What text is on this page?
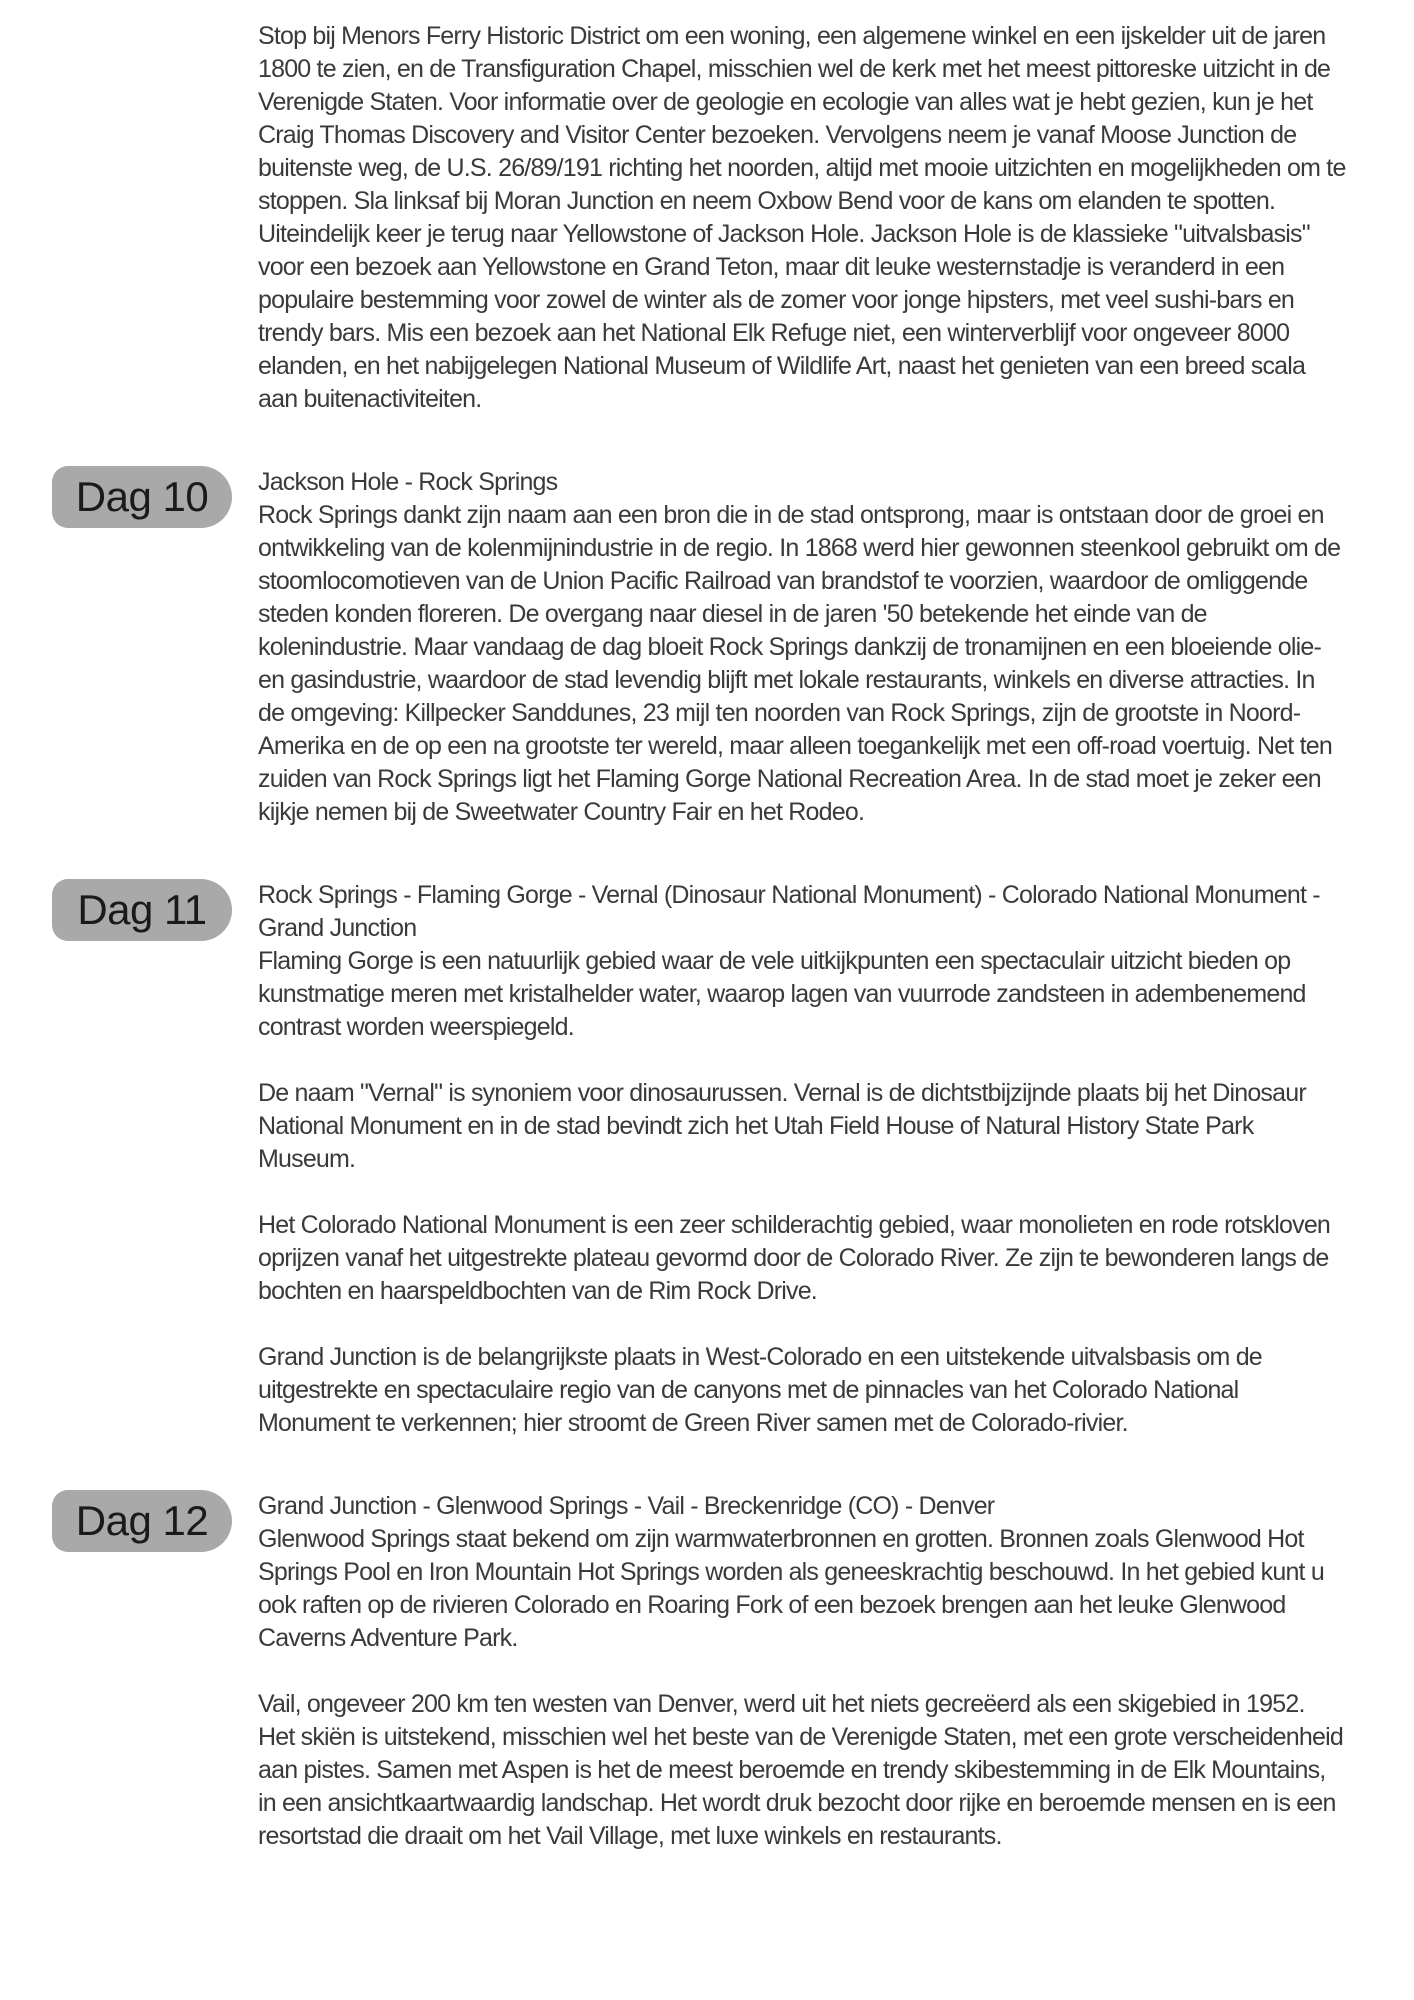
Stop bij Menors Ferry Historic District om een woning, een algemene winkel en een ijskelder uit de jaren 1800 te zien, en de Transfiguration Chapel, misschien wel de kerk met het meest pittoreske uitzicht in de Verenigde Staten. Voor informatie over de geologie en ecologie van alles wat je hebt gezien, kun je het Craig Thomas Discovery and Visitor Center bezoeken. Vervolgens neem je vanaf Moose Junction de buitenste weg, de U.S. 26/89/191 richting het noorden, altijd met mooie uitzichten en mogelijkheden om te stoppen. Sla linksaf bij Moran Junction en neem Oxbow Bend voor de kans om elanden te spotten. Uiteindelijk keer je terug naar Yellowstone of Jackson Hole. Jackson Hole is de klassieke "uitvalsbasis" voor een bezoek aan Yellowstone en Grand Teton, maar dit leuke westernstadje is veranderd in een populaire bestemming voor zowel de winter als de zomer voor jonge hipsters, met veel sushi-bars en trendy bars. Mis een bezoek aan het National Elk Refuge niet, een winterverblijf voor ongeveer 8000 elanden, en het nabijgelegen National Museum of Wildlife Art, naast het genieten van een breed scala aan buitenactiviteiten.

Dag 10	Jackson Hole - Rock Springs

Rock Springs dankt zijn naam aan een bron die in de stad ontsprong, maar is ontstaan door de groei en ontwikkeling van de kolenmijnindustrie in de regio. In 1868 werd hier gewonnen steenkool gebruikt om de stoomlocomotieven van de Union Pacific Railroad van brandstof te voorzien, waardoor de omliggende steden konden floreren. De overgang naar diesel in de jaren '50 betekende het einde van de kolenindustrie. Maar vandaag de dag bloeit Rock Springs dankzij de tronamijnen en een bloeiende olie- en gasindustrie, waardoor de stad levendig blijft met lokale restaurants, winkels en diverse attracties. In de omgeving: Killpecker Sanddunes, 23 mijl ten noorden van Rock Springs, zijn de grootste in Noord-Amerika en de op een na grootste ter wereld, maar alleen toegankelijk met een off-road voertuig. Net ten zuiden van Rock Springs ligt het Flaming Gorge National Recreation Area. In de stad moet je zeker een kijkje nemen bij de Sweetwater Country Fair en het Rodeo.

Dag 11	Rock Springs - Flaming Gorge - Vernal (Dinosaur National Monument) - Colorado National Monument - Grand Junction

Flaming Gorge is een natuurlijk gebied waar de vele uitkijkpunten een spectaculair uitzicht bieden op kunstmatige meren met kristalhelder water, waarop lagen van vuurrode zandsteen in adembenemend contrast worden weerspiegeld.

De naam "Vernal" is synoniem voor dinosaurussen. Vernal is de dichtstbijzijnde plaats bij het Dinosaur National Monument en in de stad bevindt zich het Utah Field House of Natural History State Park Museum.

Het Colorado National Monument is een zeer schilderachtig gebied, waar monolieten en rode rotskloven oprijzen vanaf het uitgestrekte plateau gevormd door de Colorado River. Ze zijn te bewonderen langs de bochten en haarspeldbochten van de Rim Rock Drive.

Grand Junction is de belangrijkste plaats in West-Colorado en een uitstekende uitvalsbasis om de uitgestrekte en spectaculaire regio van de canyons met de pinnacles van het Colorado National Monument te verkennen; hier stroomt de Green River samen met de Colorado-rivier.

Dag 12	Grand Junction - Glenwood Springs - Vail - Breckenridge (CO) - Denver

Glenwood Springs staat bekend om zijn warmwaterbronnen en grotten. Bronnen zoals Glenwood Hot Springs Pool en Iron Mountain Hot Springs worden als geneeskrachtig beschouwd. In het gebied kunt u ook raften op de rivieren Colorado en Roaring Fork of een bezoek brengen aan het leuke Glenwood Caverns Adventure Park.

Vail, ongeveer 200 km ten westen van Denver, werd uit het niets gecreëerd als een skigebied in 1952. Het skiën is uitstekend, misschien wel het beste van de Verenigde Staten, met een grote verscheidenheid aan pistes. Samen met Aspen is het de meest beroemde en trendy skibestemming in de Elk Mountains, in een ansichtkaartwaardig landschap. Het wordt druk bezocht door rijke en beroemde mensen en is een resortstad die draait om het Vail Village, met luxe winkels en restaurants.
